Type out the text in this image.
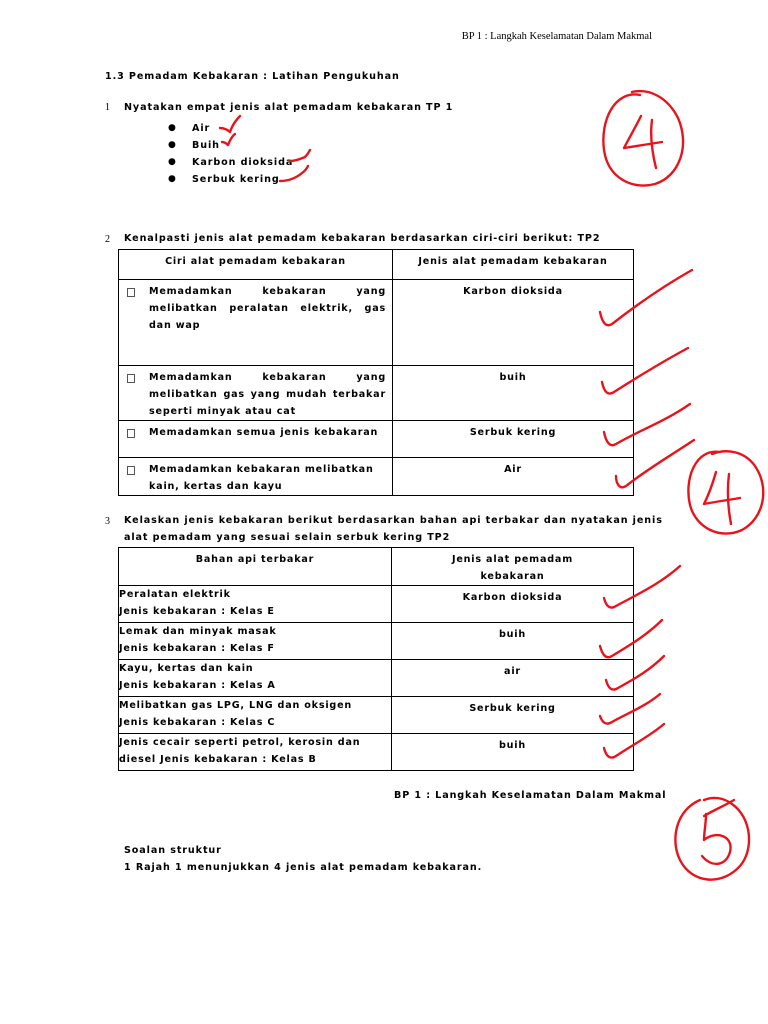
BP 1 : Langkah Keselamatan Dalam Makmal
1.3 Pemadam Kebakaran : Latihan Pengukuhan
1 Nyatakan empat jenis alat pemadam kebakaran TP 1
● Air
● Buih
● Karbon dioksida
● Serbuk kering
2 Kenalpasti jenis alat pemadam kebakaran berdasarkan ciri-ciri berikut: TP2
Ciri alat pemadam kebakaran	Jenis alat pemadam kebakaran

Memadamkan kebakaran yang melibatkan peralatan elektrik, gas dan wap	Karbon dioksida

Memadamkan kebakaran yang melibatkan gas yang mudah terbakar seperti minyak atau cat	buih

Memadamkan semua jenis kebakaran	Serbuk kering

Memadamkan kebakaran melibatkan kain, kertas dan kayu	Air
3 Kelaskan jenis kebakaran berikut berdasarkan bahan api terbakar dan nyatakan jenis
alat pemadam yang sesuai selain serbuk kering TP2
Bahan api terbakar	Jenis alat pemadam kebakaran

Peralatan elektrik
Jenis kebakaran : Kelas E	Karbon dioksida

Lemak dan minyak masak
Jenis kebakaran : Kelas F	buih

Kayu, kertas dan kain
Jenis kebakaran : Kelas A	air

Melibatkan gas LPG, LNG dan oksigen
Jenis kebakaran : Kelas C	Serbuk kering

Jenis cecair seperti petrol, kerosin dan
diesel Jenis kebakaran : Kelas B	buih
BP 1 : Langkah Keselamatan Dalam Makmal
Soalan struktur
1 Rajah 1 menunjukkan 4 jenis alat pemadam kebakaran.
